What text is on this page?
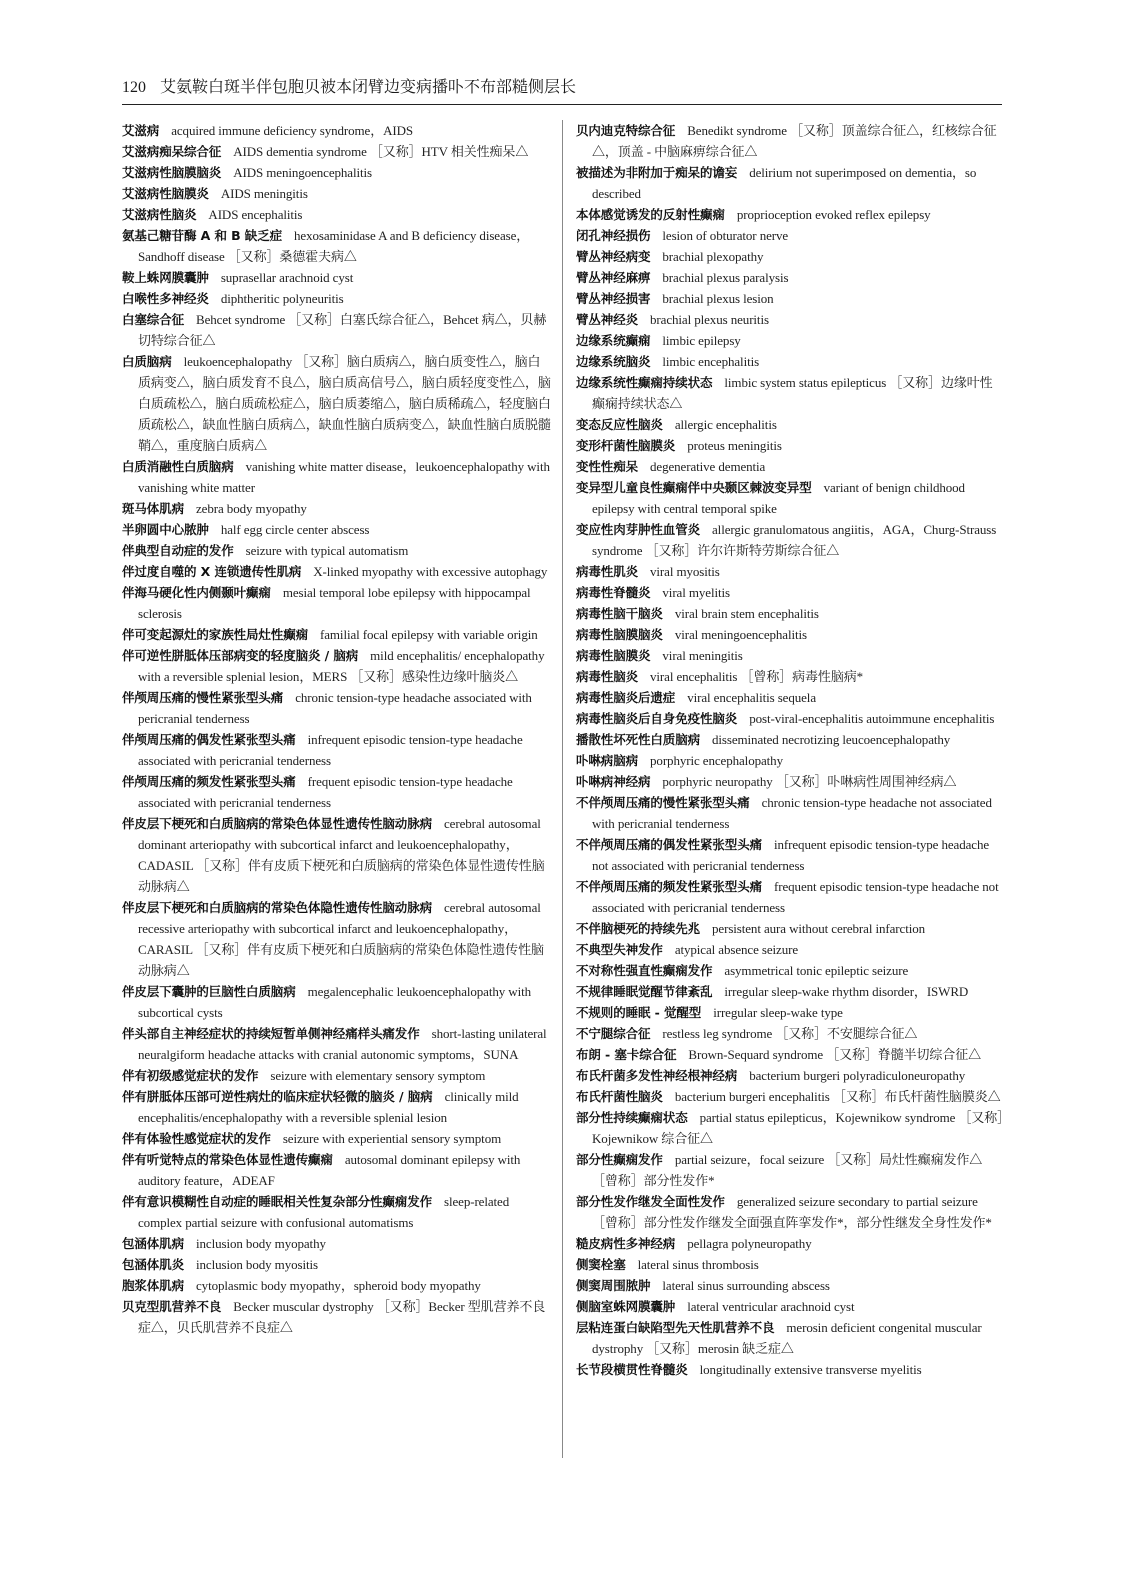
120 艾氨鞍白斑半伴包胞贝被本闭臂边变病播卟不布部糙侧层长
艾滋病 acquired immune deficiency syndrome，AIDS
艾滋病痴呆综合征 AIDS dementia syndrome ［又称］HTV 相关性痴呆△
艾滋病性脑膜脑炎 AIDS meningoencephalitis
艾滋病性脑膜炎 AIDS meningitis
艾滋病性脑炎 AIDS encephalitis
氨基己糖苷酶 A 和 B 缺乏症 hexosaminidase A and B deficiency disease，Sandhoff disease ［又称］桑德霍夫病△
鞍上蛛网膜囊肿 suprasellar arachnoid cyst
白喉性多神经炎 diphtheritic polyneuritis
白塞综合征 Behcet syndrome ［又称］白塞氏综合征△，Behcet 病△，贝赫切特综合征△
白质脑病 leukoencephalopathy ［又称］脑白质病△，脑白质变性△，脑白质病变△，脑白质发育不良△，脑白质高信号△，脑白质轻度变性△，脑白质疏松△，脑白质疏松症△，脑白质萎缩△，脑白质稀疏△，轻度脑白质疏松△，缺血性脑白质病△，缺血性脑白质病变△，缺血性脑白质脱髓鞘△，重度脑白质病△
白质消融性白质脑病 vanishing white matter disease，leukoencephalopathy with vanishing white matter
斑马体肌病 zebra body myopathy
半卵圆中心脓肿 half egg circle center abscess
伴典型自动症的发作 seizure with typical automatism
伴过度自噬的 X 连锁遗传性肌病 X-linked myopathy with excessive autophagy
伴海马硬化性内侧颞叶癫痫 mesial temporal lobe epilepsy with hippocampal sclerosis
伴可变起源灶的家族性局灶性癫痫 familial focal epilepsy with variable origin
伴可逆性胼胝体压部病变的轻度脑炎 / 脑病 mild encephalitis/ encephalopathy with a reversible splenial lesion，MERS ［又称］感染性边缘叶脑炎△
伴颅周压痛的慢性紧张型头痛 chronic tension-type headache associated with pericranial tenderness
伴颅周压痛的偶发性紧张型头痛 infrequent episodic tension-type headache associated with pericranial tenderness
伴颅周压痛的频发性紧张型头痛 frequent episodic tension-type headache associated with pericranial tenderness
伴皮层下梗死和白质脑病的常染色体显性遗传性脑动脉病 cerebral autosomal dominant arteriopathy with subcortical infarct and leukoencephalopathy，CADASIL ［又称］伴有皮质下梗死和白质脑病的常染色体显性遗传性脑动脉病△
伴皮层下梗死和白质脑病的常染色体隐性遗传性脑动脉病 cerebral autosomal recessive arteriopathy with subcortical infarct and leukoencephalopathy，CARASIL ［又称］伴有皮质下梗死和白质脑病的常染色体隐性遗传性脑动脉病△
伴皮层下囊肿的巨脑性白质脑病 megalencephalic leukoencephalopathy with subcortical cysts
伴头部自主神经症状的持续短暂单侧神经痛样头痛发作 short-lasting unilateral neuralgiform headache attacks with cranial autonomic symptoms，SUNA
伴有初级感觉症状的发作 seizure with elementary sensory symptom
伴有胼胝体压部可逆性病灶的临床症状轻微的脑炎 / 脑病 clinically mild encephalitis/encephalopathy with a reversible splenial lesion
伴有体验性感觉症状的发作 seizure with experiential sensory symptom
伴有听觉特点的常染色体显性遗传癫痫 autosomal dominant epilepsy with auditory feature，ADEAF
伴有意识模糊性自动症的睡眠相关性复杂部分性癫痫发作 sleep-related complex partial seizure with confusional automatisms
包涵体肌病 inclusion body myopathy
包涵体肌炎 inclusion body myositis
胞浆体肌病 cytoplasmic body myopathy，spheroid body myopathy
贝克型肌营养不良 Becker muscular dystrophy ［又称］Becker 型肌营养不良症△，贝氏肌营养不良症△
贝内迪克特综合征 Benedikt syndrome ［又称］顶盖综合征△，红核综合征△，顶盖 - 中脑麻痹综合征△
被描述为非附加于痴呆的谵妄 delirium not superimposed on dementia，so described
本体感觉诱发的反射性癫痫 proprioception evoked reflex epilepsy
闭孔神经损伤 lesion of obturator nerve
臂丛神经病变 brachial plexopathy
臂丛神经麻痹 brachial plexus paralysis
臂丛神经损害 brachial plexus lesion
臂丛神经炎 brachial plexus neuritis
边缘系统癫痫 limbic epilepsy
边缘系统脑炎 limbic encephalitis
边缘系统性癫痫持续状态 limbic system status epilepticus ［又称］边缘叶性癫痫持续状态△
变态反应性脑炎 allergic encephalitis
变形杆菌性脑膜炎 proteus meningitis
变性性痴呆 degenerative dementia
变异型儿童良性癫痫伴中央颞区棘波变异型 variant of benign childhood epilepsy with central temporal spike
变应性肉芽肿性血管炎 allergic granulomatous angiitis，AGA，Churg-Strauss syndrome ［又称］许尔许斯特劳斯综合征△
病毒性肌炎 viral myositis
病毒性脊髓炎 viral myelitis
病毒性脑干脑炎 viral brain stem encephalitis
病毒性脑膜脑炎 viral meningoencephalitis
病毒性脑膜炎 viral meningitis
病毒性脑炎 viral encephalitis ［曾称］病毒性脑病*
病毒性脑炎后遗症 viral encephalitis sequela
病毒性脑炎后自身免疫性脑炎 post-viral-encephalitis autoimmune encephalitis
播散性坏死性白质脑病 disseminated necrotizing leucoencephalopathy
卟啉病脑病 porphyric encephalopathy
卟啉病神经病 porphyric neuropathy ［又称］卟啉病性周围神经病△
不伴颅周压痛的慢性紧张型头痛 chronic tension-type headache not associated with pericranial tenderness
不伴颅周压痛的偶发性紧张型头痛 infrequent episodic tension-type headache not associated with pericranial tenderness
不伴颅周压痛的频发性紧张型头痛 frequent episodic tension-type headache not associated with pericranial tenderness
不伴脑梗死的持续先兆 persistent aura without cerebral infarction
不典型失神发作 atypical absence seizure
不对称性强直性癫痫发作 asymmetrical tonic epileptic seizure
不规律睡眠觉醒节律紊乱 irregular sleep-wake rhythm disorder，ISWRD
不规则的睡眠 - 觉醒型 irregular sleep-wake type
不宁腿综合征 restless leg syndrome ［又称］不安腿综合征△
布朗 - 塞卡综合征 Brown-Sequard syndrome ［又称］脊髓半切综合征△
布氏杆菌多发性神经根神经病 bacterium burgeri polyradiculoneuropathy
布氏杆菌性脑炎 bacterium burgeri encephalitis ［又称］布氏杆菌性脑膜炎△
部分性持续癫痫状态 partial status epilepticus，Kojewnikow syndrome ［又称］Kojewnikow 综合征△
部分性癫痫发作 partial seizure，focal seizure ［又称］局灶性癫痫发作△ ［曾称］部分性发作*
部分性发作继发全面性发作 generalized seizure secondary to partial seizure ［曾称］部分性发作继发全面强直阵挛发作*，部分性继发全身性发作*
糙皮病性多神经病 pellagra polyneuropathy
侧窦栓塞 lateral sinus thrombosis
侧窦周围脓肿 lateral sinus surrounding abscess
侧脑室蛛网膜囊肿 lateral ventricular arachnoid cyst
层粘连蛋白缺陷型先天性肌营养不良 merosin deficient congenital muscular dystrophy ［又称］merosin 缺乏症△
长节段横贯性脊髓炎 longitudinally extensive transverse myelitis
